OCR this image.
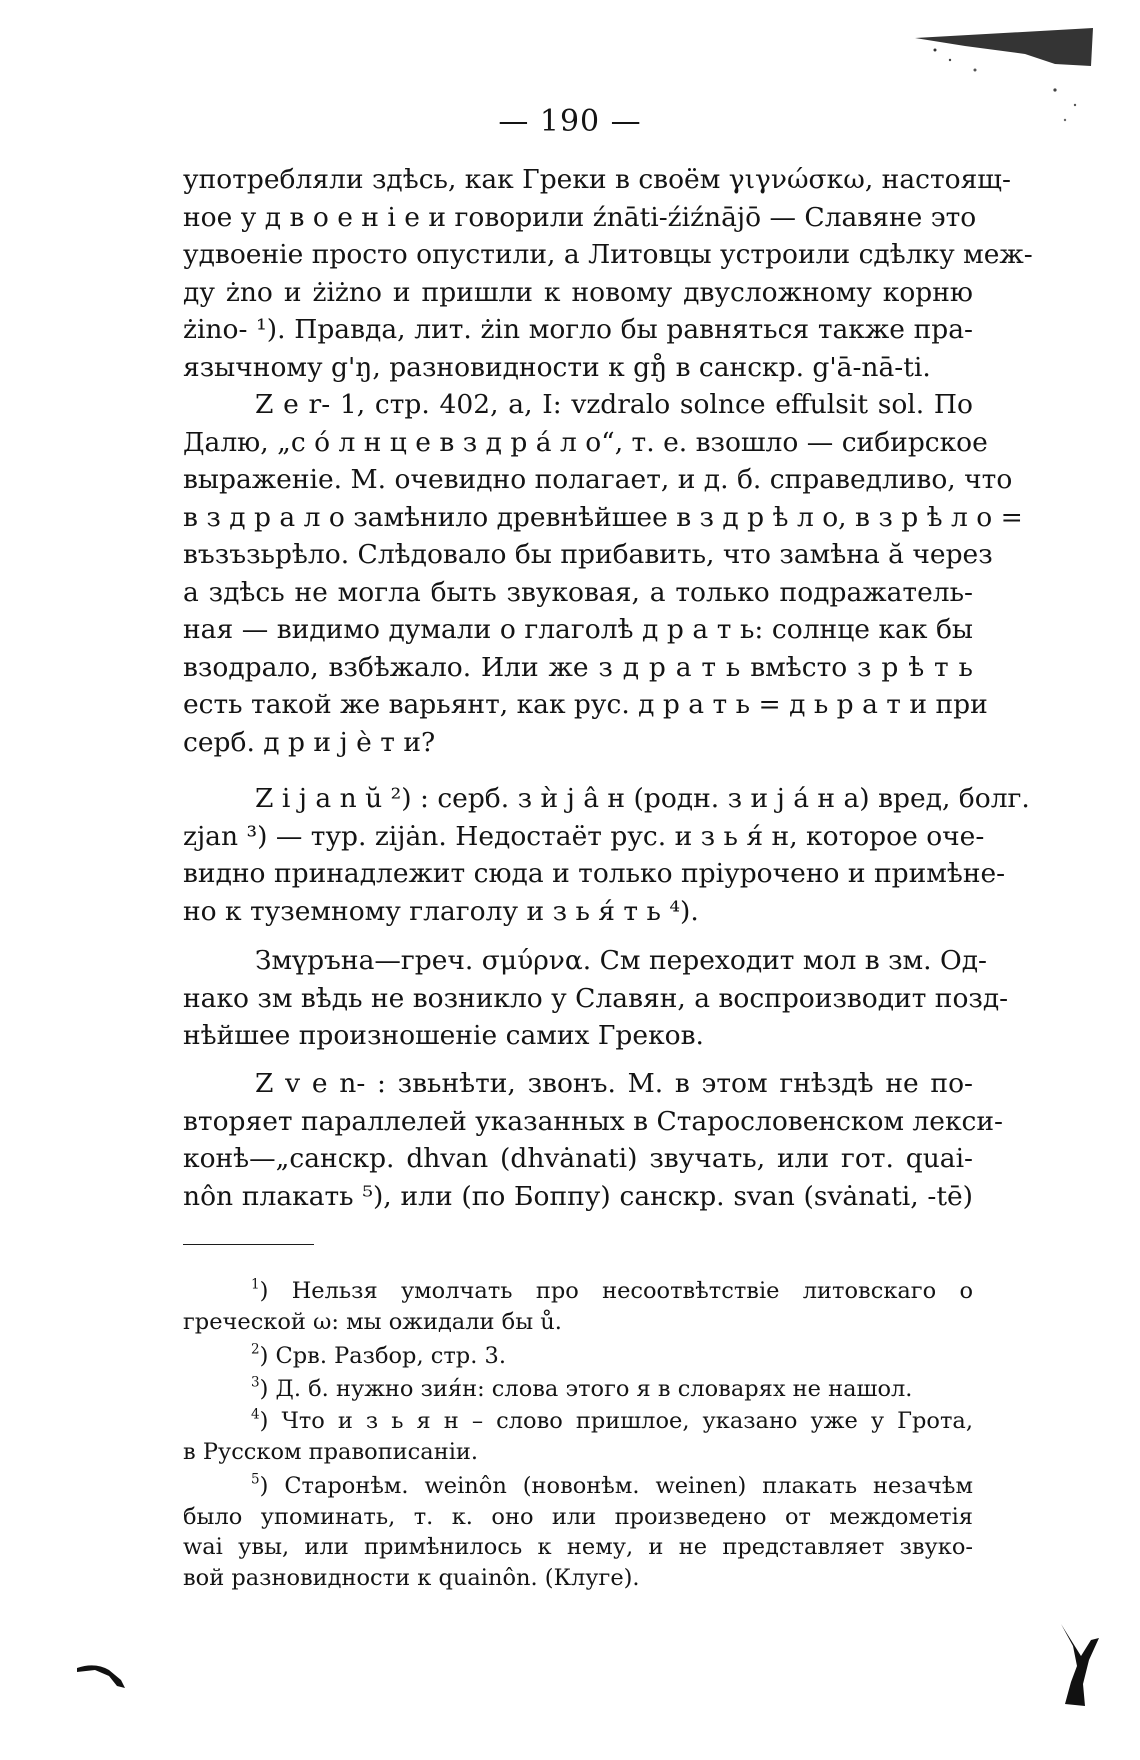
— 190 —
употребляли здѣсь, как Греки в своём γιγνώσκω, настоящ-
ное у д в о е н і е и говорили źnāti-źiźnājō — Славяне это
удвоеніе просто опустили, а Литовцы устроили сдѣлку меж-
ду żno и żiżno и пришли к новому двусложному корню
żino- ¹). Правда, лит. żin могло бы равняться также пра-
язычному g'ŋ, разновидности к gŋ̊ в санскр. g'ā-nā-ti.
Z e r- 1, стр. 402, a, I: vzdralo solnce effulsit sol. По
Далю, „с о́ л н ц е в з д р а́ л о“, т. е. взошло — сибирское
выраженіе. М. очевидно полагает, и д. б. справедливо, что
в з д р а л о замѣнило древнѣйшее в з д р ѣ л о, в з р ѣ л о =
възъзьрѣло. Слѣдовало бы прибавить, что замѣна ă через
a здѣсь не могла быть звуковая, а только подражатель-
ная — видимо думали о глаголѣ д р а т ь: солнце как бы
взодрало, взбѣжало. Или же з д р а т ь вмѣсто з р ѣ т ь
есть такой же варьянт, как рус. д р а т ь = д ь р а т и при
серб. д р и ј ѐ т и?
Z i j a n ŭ ²) : серб. з ѝ ј а̂ н (родн. з и ј а́ н а) вред, болг.
zjan ³) — тур. zijȧn. Недостаёт рус. и з ь я́ н, которое оче-
видно принадлежит сюда и только пріурочено и примѣне-
но к туземному глаголу и з ь я́ т ь ⁴).
Змүръна—греч. σμύρνα. См переходит мол в зм. Од-
нако зм вѣдь не возникло у Славян, а воспроизводит позд-
нѣйшее произношеніе самих Греков.
Z v e n- : звьнѣти, звонъ. М. в этом гнѣздѣ не по-
вторяет параллелей указанных в Старословенском лекси-
конѣ—„санскр. dhvan (dhvȧnati) звучать, или гот. quai-
nôn плакать ⁵), или (по Боппу) санскр. svan (svȧnati, -tē)
$^1$) Нельзя умолчать про несоотвѣтствіе литовскаго o
греческой ω: мы ожидали бы ů.
$^2$) Срв. Разбор, стр. 3.
$^3$) Д. б. нужно зия́н: слова этого я в словарях не нашол.
$^4$) Что и з ь я н – слово пришлое, указано уже у Грота,
в Русском правописаніи.
$^5$) Старонѣм. weinôn (новонѣм. weinen) плакать незачѣм
было упоминать, т. к. оно или произведено от междометія
wai увы, или примѣнилось к нему, и не представляет звуко-
вой разновидности к quainôn. (Клуге).
